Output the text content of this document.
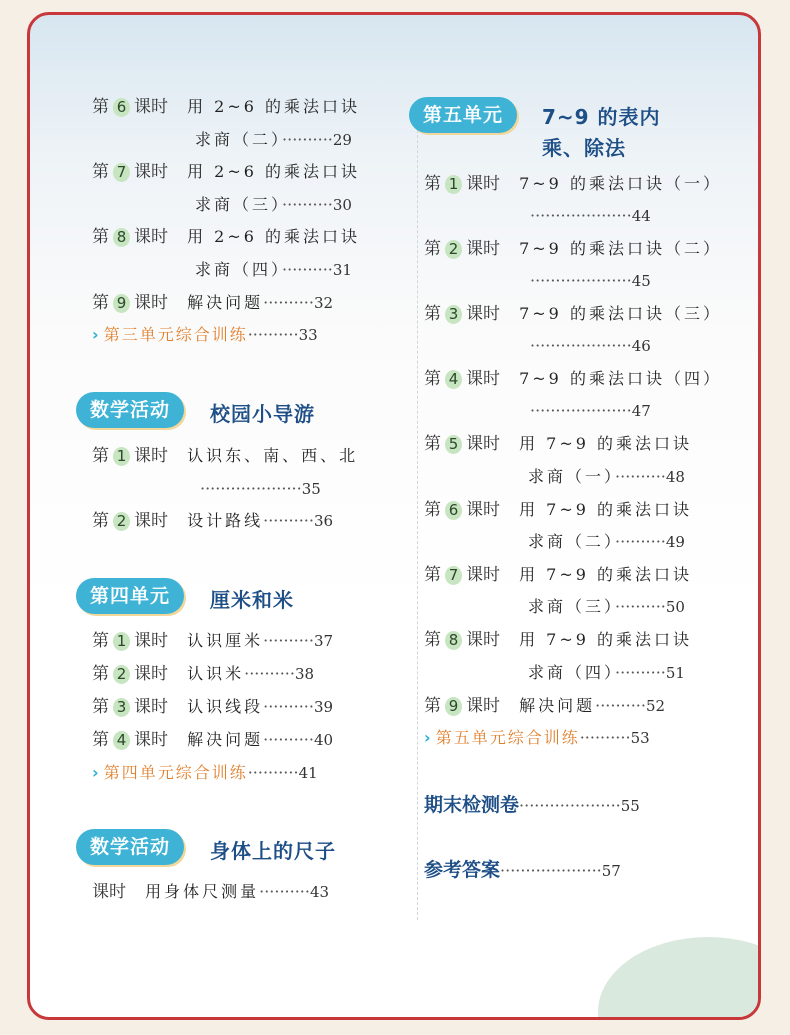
第 6 课时 用 2~6 的乘法口诀
求商（二）··········29
第 7 课时 用 2~6 的乘法口诀
求商（三）··········30
第 8 课时 用 2~6 的乘法口诀
求商（四）··········31
第 9 课时 解决问题··········32
› 第三单元综合训练··········33
数学活动	校园小导游
第 1 课时 认识东、南、西、北
····················35
第 2 课时 设计路线··········36
第四单元	厘米和米
第 1 课时 认识厘米··········37
第 2 课时 认识米··········38
第 3 课时 认识线段··········39
第 4 课时 解决问题··········40
› 第四单元综合训练··········41
数学活动	身体上的尺子
课时 用身体尺测量··········43
第五单元	7~9 的表内
乘、除法
第 1 课时 7~9 的乘法口诀（一）
····················44
第 2 课时 7~9 的乘法口诀（二）
····················45
第 3 课时 7~9 的乘法口诀（三）
····················46
第 4 课时 7~9 的乘法口诀（四）
····················47
第 5 课时 用 7~9 的乘法口诀
求商（一）··········48
第 6 课时 用 7~9 的乘法口诀
求商（二）··········49
第 7 课时 用 7~9 的乘法口诀
求商（三）··········50
第 8 课时 用 7~9 的乘法口诀
求商（四）··········51
第 9 课时 解决问题··········52
› 第五单元综合训练··········53
期末检测卷····················55
参考答案····················57
